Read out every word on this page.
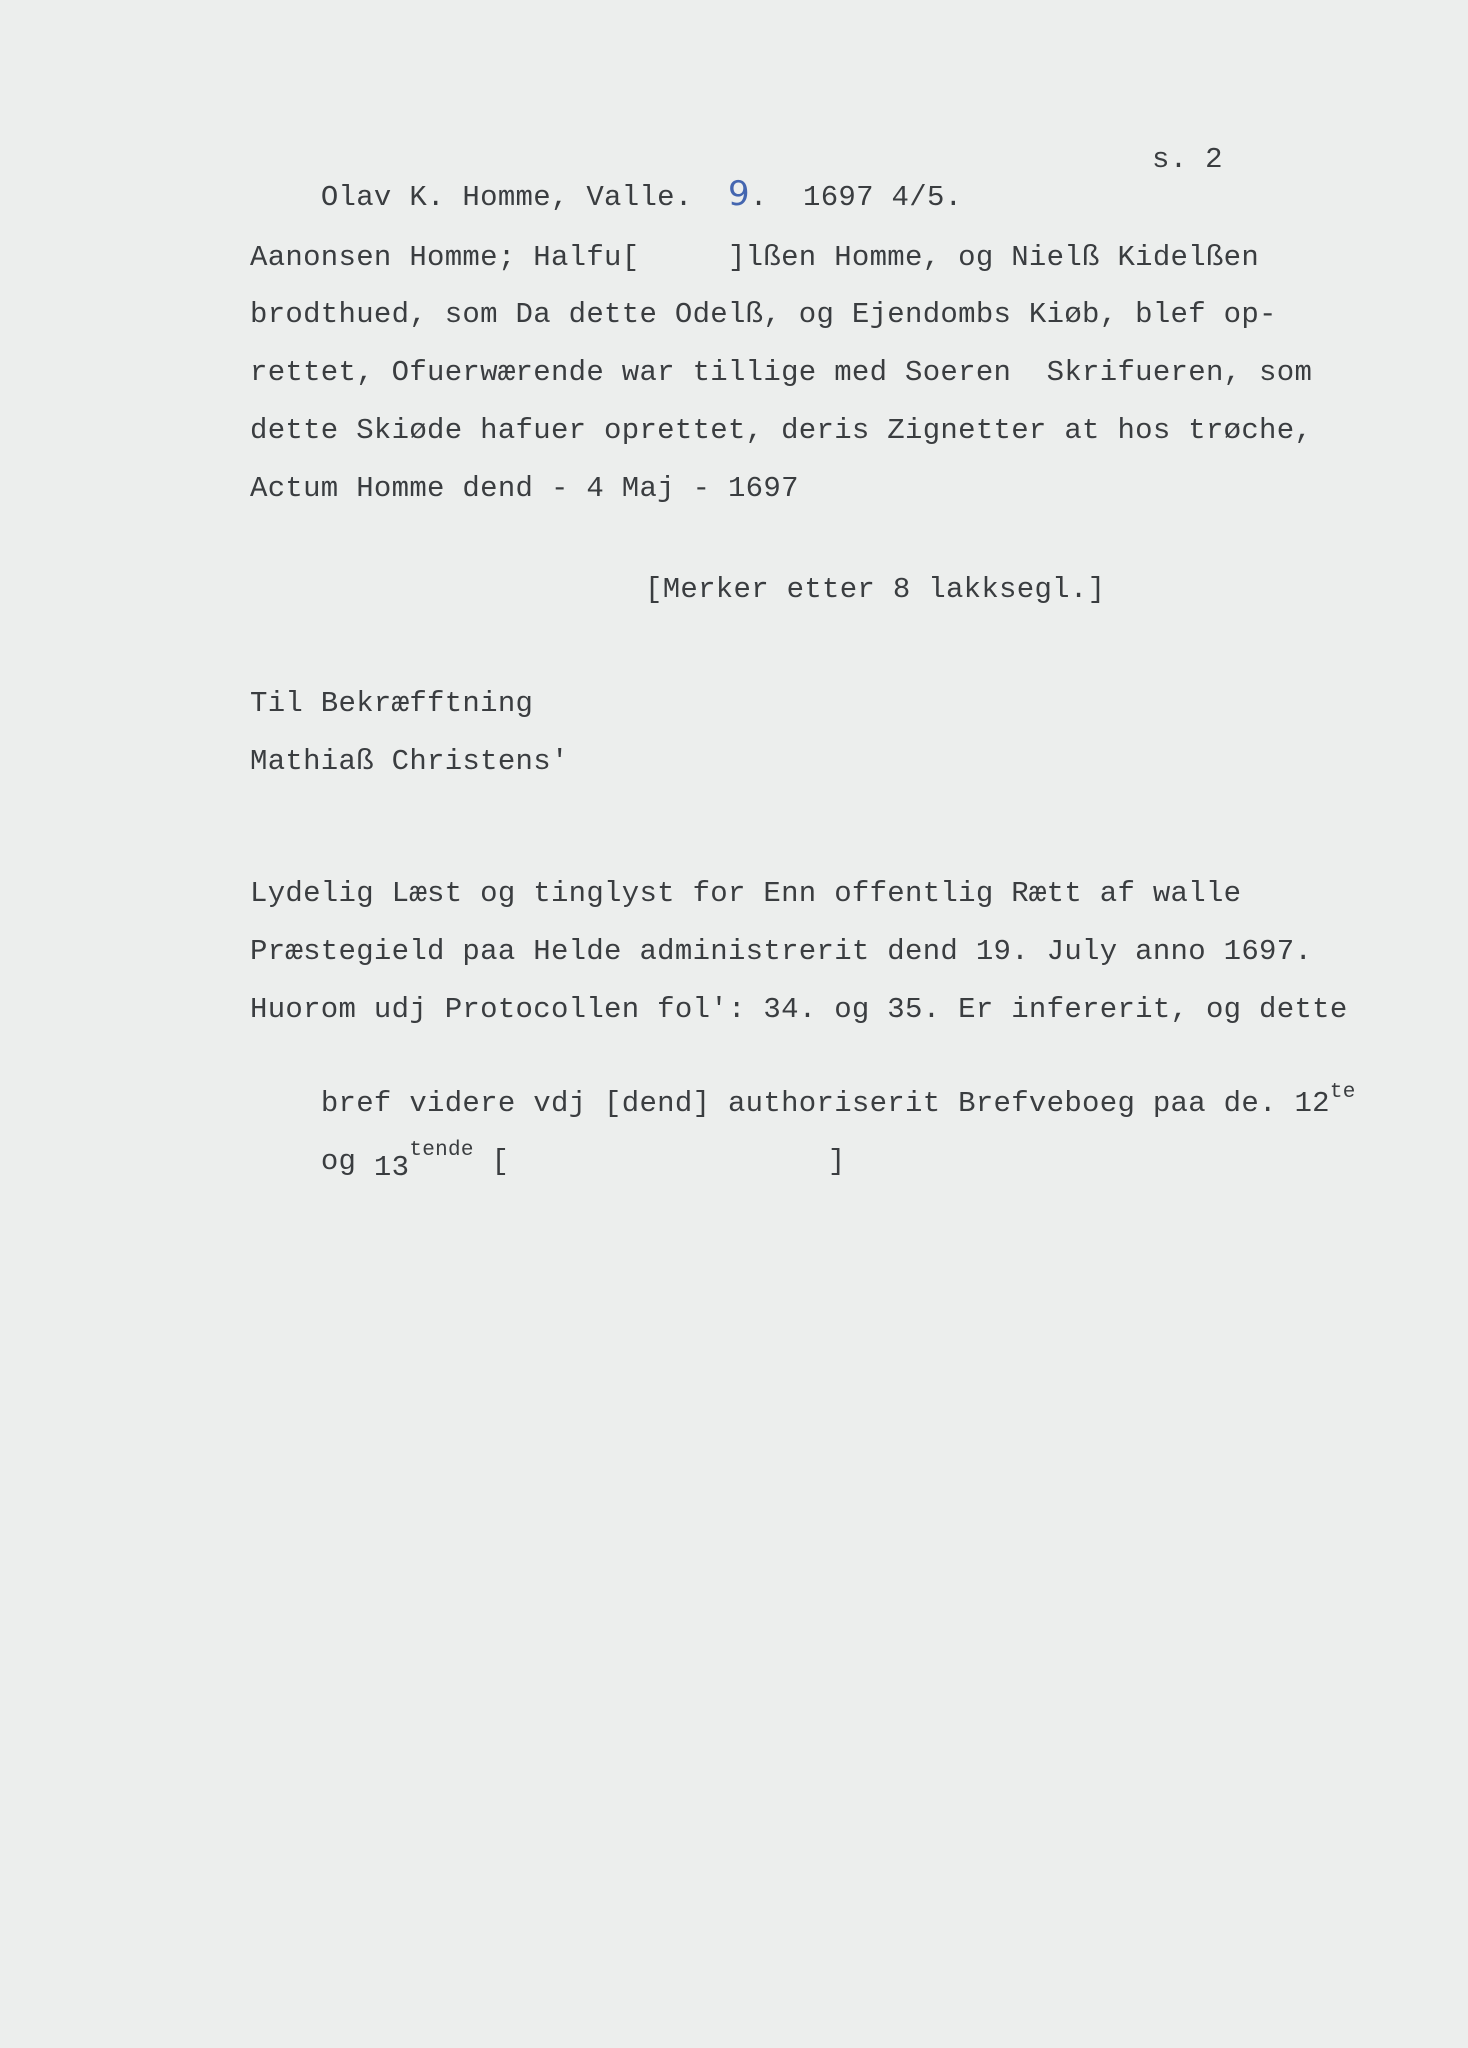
Olav K. Homme, Valle.  9.  1697 4/5.

s. 2
Aanonsen Homme; Halfu[     ]lßen Homme, og Nielß Kidelßen
brodthued, som Da dette Odelß, og Ejendombs Kiøb, blef op-
rettet, Ofuerwærende war tillige med Soeren  Skrifueren, som
dette Skiøde hafuer oprettet, deris Zignetter at hos trøche,
Actum Homme dend - 4 Maj - 1697
[Merker etter 8 lakksegl.]
Til Bekræfftning
Mathiaß Christens'
Lydelig Læst og tinglyst for Enn offentlig Rætt af walle
Præstegield paa Helde administrerit dend 19. July anno 1697.
Huorom udj Protocollen fol': 34. og 35. Er infererit, og dette

bref videre vdj [dend] authoriserit Brefveboeg paa de. $12^{te}$

og $13^{tende}$ [                  ]
